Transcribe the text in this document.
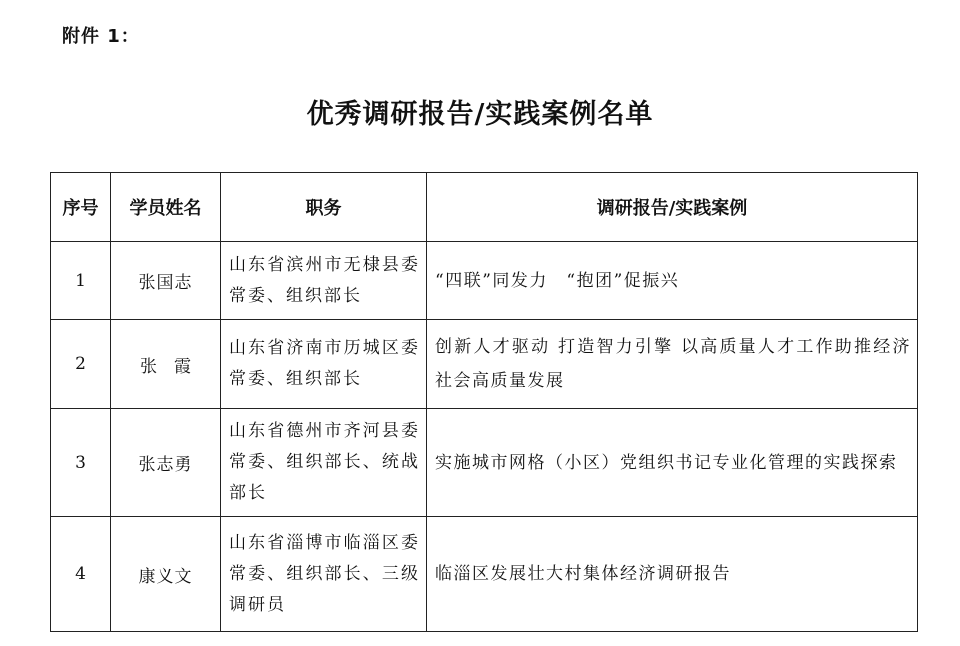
附件 1：
优秀调研报告/实践案例名单
序号	学员姓名	职务	调研报告/实践案例
1	张国志	山东省滨州市无棣县委常委、组织部长	“四联”同发力　“抱团”促振兴
2	张　霞	山东省济南市历城区委常委、组织部长	创新人才驱动 打造智力引擎 以高质量人才工作助推经济社会高质量发展
3	张志勇	山东省德州市齐河县委常委、组织部长、统战部长	实施城市网格（小区）党组织书记专业化管理的实践探索
4	康义文	山东省淄博市临淄区委常委、组织部长、三级调研员	临淄区发展壮大村集体经济调研报告
